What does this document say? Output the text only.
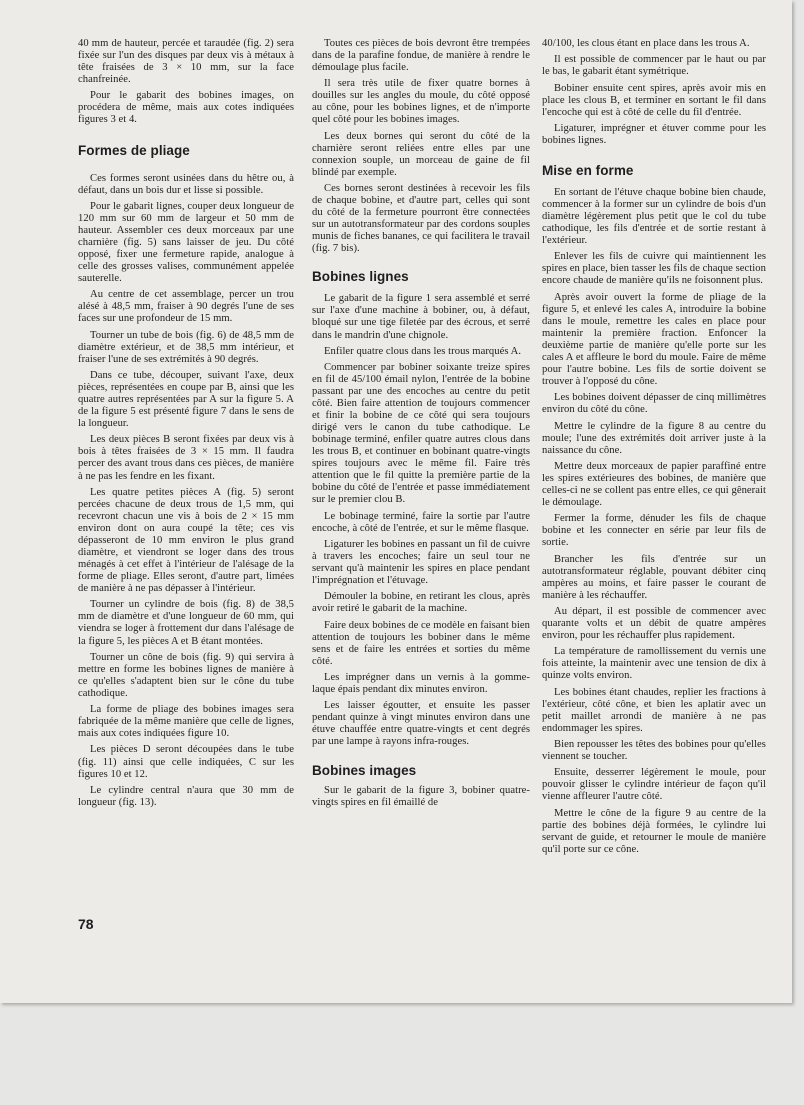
40 mm de hauteur, percée et taraudée (fig. 2) sera fixée sur l'un des disques par deux vis à métaux à tête fraisées de 3 × 10 mm, sur la face chanfreinée.

Pour le gabarit des bobines images, on procédera de même, mais aux cotes indiquées figures 3 et 4.

Formes de pliage

Ces formes seront usinées dans du hêtre ou, à défaut, dans un bois dur et lisse si possible.

Pour le gabarit lignes, couper deux longueur de 120 mm sur 60 mm de largeur et 50 mm de hauteur. Assembler ces deux morceaux par une charnière (fig. 5) sans laisser de jeu. Du côté opposé, fixer une fermeture rapide, analogue à celle des grosses valises, communément appelée sauterelle.

Au centre de cet assemblage, percer un trou alésé à 48,5 mm, fraiser à 90 degrés l'une de ses faces sur une profondeur de 15 mm.

Tourner un tube de bois (fig. 6) de 48,5 mm de diamètre extérieur, et de 38,5 mm intérieur, et fraiser l'une de ses extrémités à 90 degrés.

Dans ce tube, découper, suivant l'axe, deux pièces, représentées en coupe par B, ainsi que les quatre autres représentées par A sur la figure 5. A de la figure 5 est présenté figure 7 dans le sens de la longueur.

Les deux pièces B seront fixées par deux vis à bois à têtes fraisées de 3 × 15 mm. Il faudra percer des avant trous dans ces pièces, de manière à ne pas les fendre en les fixant.

Les quatre petites pièces A (fig. 5) seront percées chacune de deux trous de 1,5 mm, qui recevront chacun une vis à bois de 2 × 15 mm environ dont on aura coupé la tête; ces vis dépasseront de 10 mm environ le plus grand diamètre, et viendront se loger dans des trous ménagés à cet effet à l'intérieur de l'alésage de la forme de pliage. Elles seront, d'autre part, limées de manière à ne pas dépasser à l'intérieur.

Tourner un cylindre de bois (fig. 8) de 38,5 mm de diamètre et d'une longueur de 60 mm, qui viendra se loger à frottement dur dans l'alésage de la figure 5, les pièces A et B étant montées.

Tourner un cône de bois (fig. 9) qui servira à mettre en forme les bobines lignes de manière à ce qu'elles s'adaptent bien sur le cône du tube cathodique.

La forme de pliage des bobines images sera fabriquée de la même manière que celle de lignes, mais aux cotes indiquées figure 10.

Les pièces D seront découpées dans le tube (fig. 11) ainsi que celle indiquées, C sur les figures 10 et 12.

Le cylindre central n'aura que 30 mm de longueur (fig. 13).

Toutes ces pièces de bois devront être trempées dans de la parafine fondue, de manière à rendre le démoulage plus facile.

Il sera très utile de fixer quatre bornes à douilles sur les angles du moule, du côté opposé au cône, pour les bobines lignes, et de n'importe quel côté pour les bobines images.

Les deux bornes qui seront du côté de la charnière seront reliées entre elles par une connexion souple, un morceau de gaine de fil blindé par exemple.

Ces bornes seront destinées à recevoir les fils de chaque bobine, et d'autre part, celles qui sont du côté de la fermeture pourront être connectées sur un autotransformateur par des cordons souples munis de fiches bananes, ce qui facilitera le travail (fig. 7 bis).

Bobines lignes

Le gabarit de la figure 1 sera assemblé et serré sur l'axe d'une machine à bobiner, ou, à défaut, bloqué sur une tige filetée par des écrous, et serré dans le mandrin d'une chignole.

Enfiler quatre clous dans les trous marqués A.

Commencer par bobiner soixante treize spires en fil de 45/100 émail nylon, l'entrée de la bobine passant par une des encoches au centre du petit côté. Bien faire attention de toujours commencer et finir la bobine de ce côté qui sera toujours dirigé vers le canon du tube cathodique. Le bobinage terminé, enfiler quatre autres clous dans les trous B, et continuer en bobinant quatre-vingts spires toujours avec le même fil. Faire très attention que le fil quitte la première partie de la bobine du côté de l'entrée et passe immédiatement sur le premier clou B.

Le bobinage terminé, faire la sortie par l'autre encoche, à côté de l'entrée, et sur le même flasque.

Ligaturer les bobines en passant un fil de cuivre à travers les encoches; faire un seul tour ne servant qu'à maintenir les spires en place pendant l'imprégnation et l'étuvage.

Démouler la bobine, en retirant les clous, après avoir retiré le gabarit de la machine.

Faire deux bobines de ce modèle en faisant bien attention de toujours les bobiner dans le même sens et de faire les entrées et sorties du même côté.

Les imprégner dans un vernis à la gomme-laque épais pendant dix minutes environ.

Les laisser égoutter, et ensuite les passer pendant quinze à vingt minutes environ dans une étuve chauffée entre quatre-vingts et cent degrés par une lampe à rayons infra-rouges.

Bobines images

Sur le gabarit de la figure 3, bobiner quatre-vingts spires en fil émaillé de

40/100, les clous étant en place dans les trous A.

Il est possible de commencer par le haut ou par le bas, le gabarit étant symétrique.

Bobiner ensuite cent spires, après avoir mis en place les clous B, et terminer en sortant le fil dans l'encoche qui est à côté de celle du fil d'entrée.

Ligaturer, imprégner et étuver comme pour les bobines lignes.

Mise en forme

En sortant de l'étuve chaque bobine bien chaude, commencer à la former sur un cylindre de bois d'un diamètre légèrement plus petit que le col du tube cathodique, les fils d'entrée et de sortie restant à l'extérieur.

Enlever les fils de cuivre qui maintiennent les spires en place, bien tasser les fils de chaque section encore chaude de manière qu'ils ne foisonnent plus.

Après avoir ouvert la forme de pliage de la figure 5, et enlevé les cales A, introduire la bobine dans le moule, remettre les cales en place pour maintenir la première fraction. Enfoncer la deuxième partie de manière qu'elle porte sur les cales A et affleure le bord du moule. Faire de même pour l'autre bobine. Les fils de sortie doivent se trouver à l'opposé du cône.

Les bobines doivent dépasser de cinq millimètres environ du côté du cône.

Mettre le cylindre de la figure 8 au centre du moule; l'une des extrémités doit arriver juste à la naissance du cône.

Mettre deux morceaux de papier paraffiné entre les spires extérieures des bobines, de manière que celles-ci ne se collent pas entre elles, ce qui gênerait le démoulage.

Fermer la forme, dénuder les fils de chaque bobine et les connecter en série par leur fils de sortie.

Brancher les fils d'entrée sur un autotransformateur réglable, pouvant débiter cinq ampères au moins, et faire passer le courant de manière à les réchauffer.

Au départ, il est possible de commencer avec quarante volts et un débit de quatre ampères environ, pour les réchauffer plus rapidement.

La température de ramollissement du vernis une fois atteinte, la maintenir avec une tension de dix à quinze volts environ.

Les bobines étant chaudes, replier les fractions à l'extérieur, côté cône, et bien les aplatir avec un petit maillet arrondi de manière à ne pas endommager les spires.

Bien repousser les têtes des bobines pour qu'elles viennent se toucher.

Ensuite, desserrer légèrement le moule, pour pouvoir glisser le cylindre intérieur de façon qu'il vienne affleurer l'autre côté.

Mettre le cône de la figure 9 au centre de la partie des bobines déjà formées, le cylindre lui servant de guide, et retourner le moule de manière qu'il porte sur ce cône.

78
